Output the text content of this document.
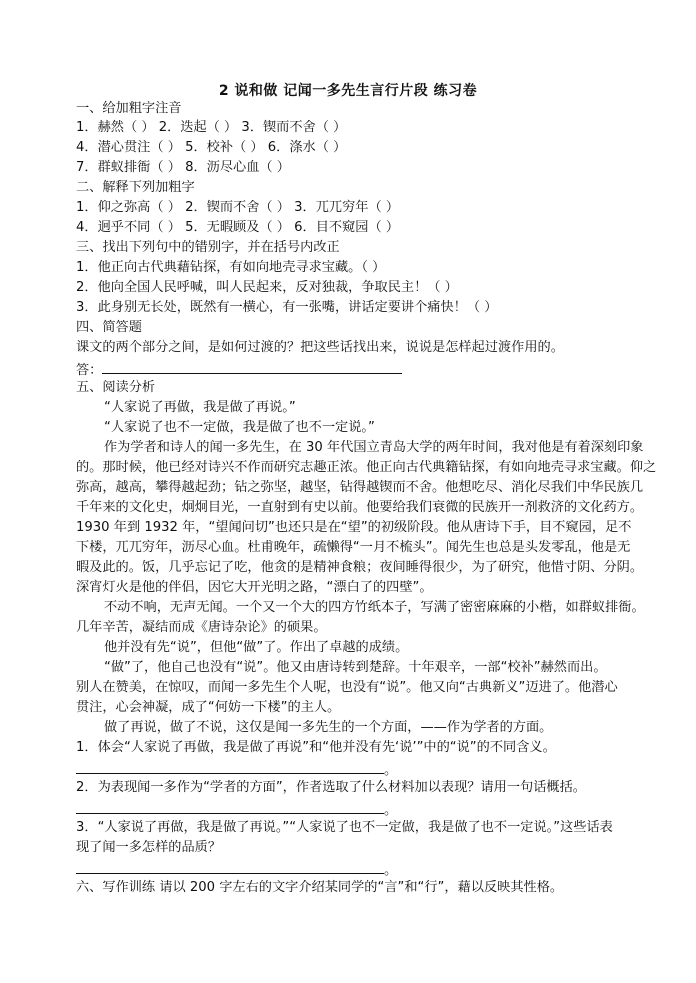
2 说和做 记闻一多先生言行片段 练习卷
一、给加粗字注音
1．赫然（ ） 2．迭起（ ） 3．锲而不舍（ ）
4．潜心贯注（ ） 5．校补（ ） 6．涤水（ ）
7．群蚁排衙（ ） 8．沥尽心血（ ）
二、解释下列加粗字
1．仰之弥高（ ） 2．锲而不舍（ ） 3．兀兀穷年（ ）
4．迥乎不同（ ） 5．无暇顾及（ ） 6．目不窥园（ ）
三、找出下列句中的错别字，并在括号内改正
1．他正向古代典藉钻探，有如向地壳寻求宝藏。（ ）
2．他向全国人民呼喊，叫人民起来，反对独裁，争取民主！（ ）
3．此身别无长处，既然有一横心，有一张嘴，讲话定要讲个痛快！（ ）
四、简答题
课文的两个部分之间，是如何过渡的？把这些话找出来，说说是怎样起过渡作用的。
答：
五、阅读分析
“人家说了再做，我是做了再说。”
“人家说了也不一定做，我是做了也不一定说。”
作为学者和诗人的闻一多先生，在 30 年代国立青岛大学的两年时间，我对他是有着深刻印象
的。那时候，他已经对诗兴不作而研究志趣正浓。他正向古代典籍钻探，有如向地壳寻求宝藏。仰之
弥高，越高，攀得越起劲；钻之弥坚，越坚，钻得越锲而不舍。他想吃尽、消化尽我们中华民族几
千年来的文化史，炯炯目光，一直射到有史以前。他要给我们衰微的民族开一剂救济的文化药方。
1930 年到 1932 年，“望闻问切”也还只是在“望”的初级阶段。他从唐诗下手，目不窥园，足不
下楼，兀兀穷年，沥尽心血。杜甫晚年，疏懒得“一月不梳头”。闻先生也总是头发零乱，他是无
暇及此的。饭，几乎忘记了吃，他贪的是精神食粮；夜间睡得很少，为了研究，他惜寸阴、分阴。
深宵灯火是他的伴侣，因它大开光明之路，“漂白了的四壁”。
不动不响，无声无闻。一个又一个大的四方竹纸本子，写满了密密麻麻的小楷，如群蚁排衙。
几年辛苦，凝结而成《唐诗杂论》的硕果。
他并没有先“说”，但他“做”了。作出了卓越的成绩。
“做”了，他自己也没有“说”。他又由唐诗转到楚辞。十年艰辛，一部“校补”赫然而出。
别人在赞美，在惊叹，而闻一多先生个人呢，也没有“说”。他又向“古典新义”迈进了。他潜心
贯注，心会神凝，成了“何妨一下楼”的主人。
做了再说，做了不说，这仅是闻一多先生的一个方面，——作为学者的方面。
1．体会“人家说了再做，我是做了再说”和“他并没有先‘说’”中的“说”的不同含义。
。
2．为表现闻一多作为“学者的方面”，作者选取了什么材料加以表现？请用一句话概括。
。
3．“人家说了再做，我是做了再说。”“人家说了也不一定做，我是做了也不一定说。”这些话表
现了闻一多怎样的品质？
。
六、写作训练 请以 200 字左右的文字介绍某同学的“言”和“行”，藉以反映其性格。
